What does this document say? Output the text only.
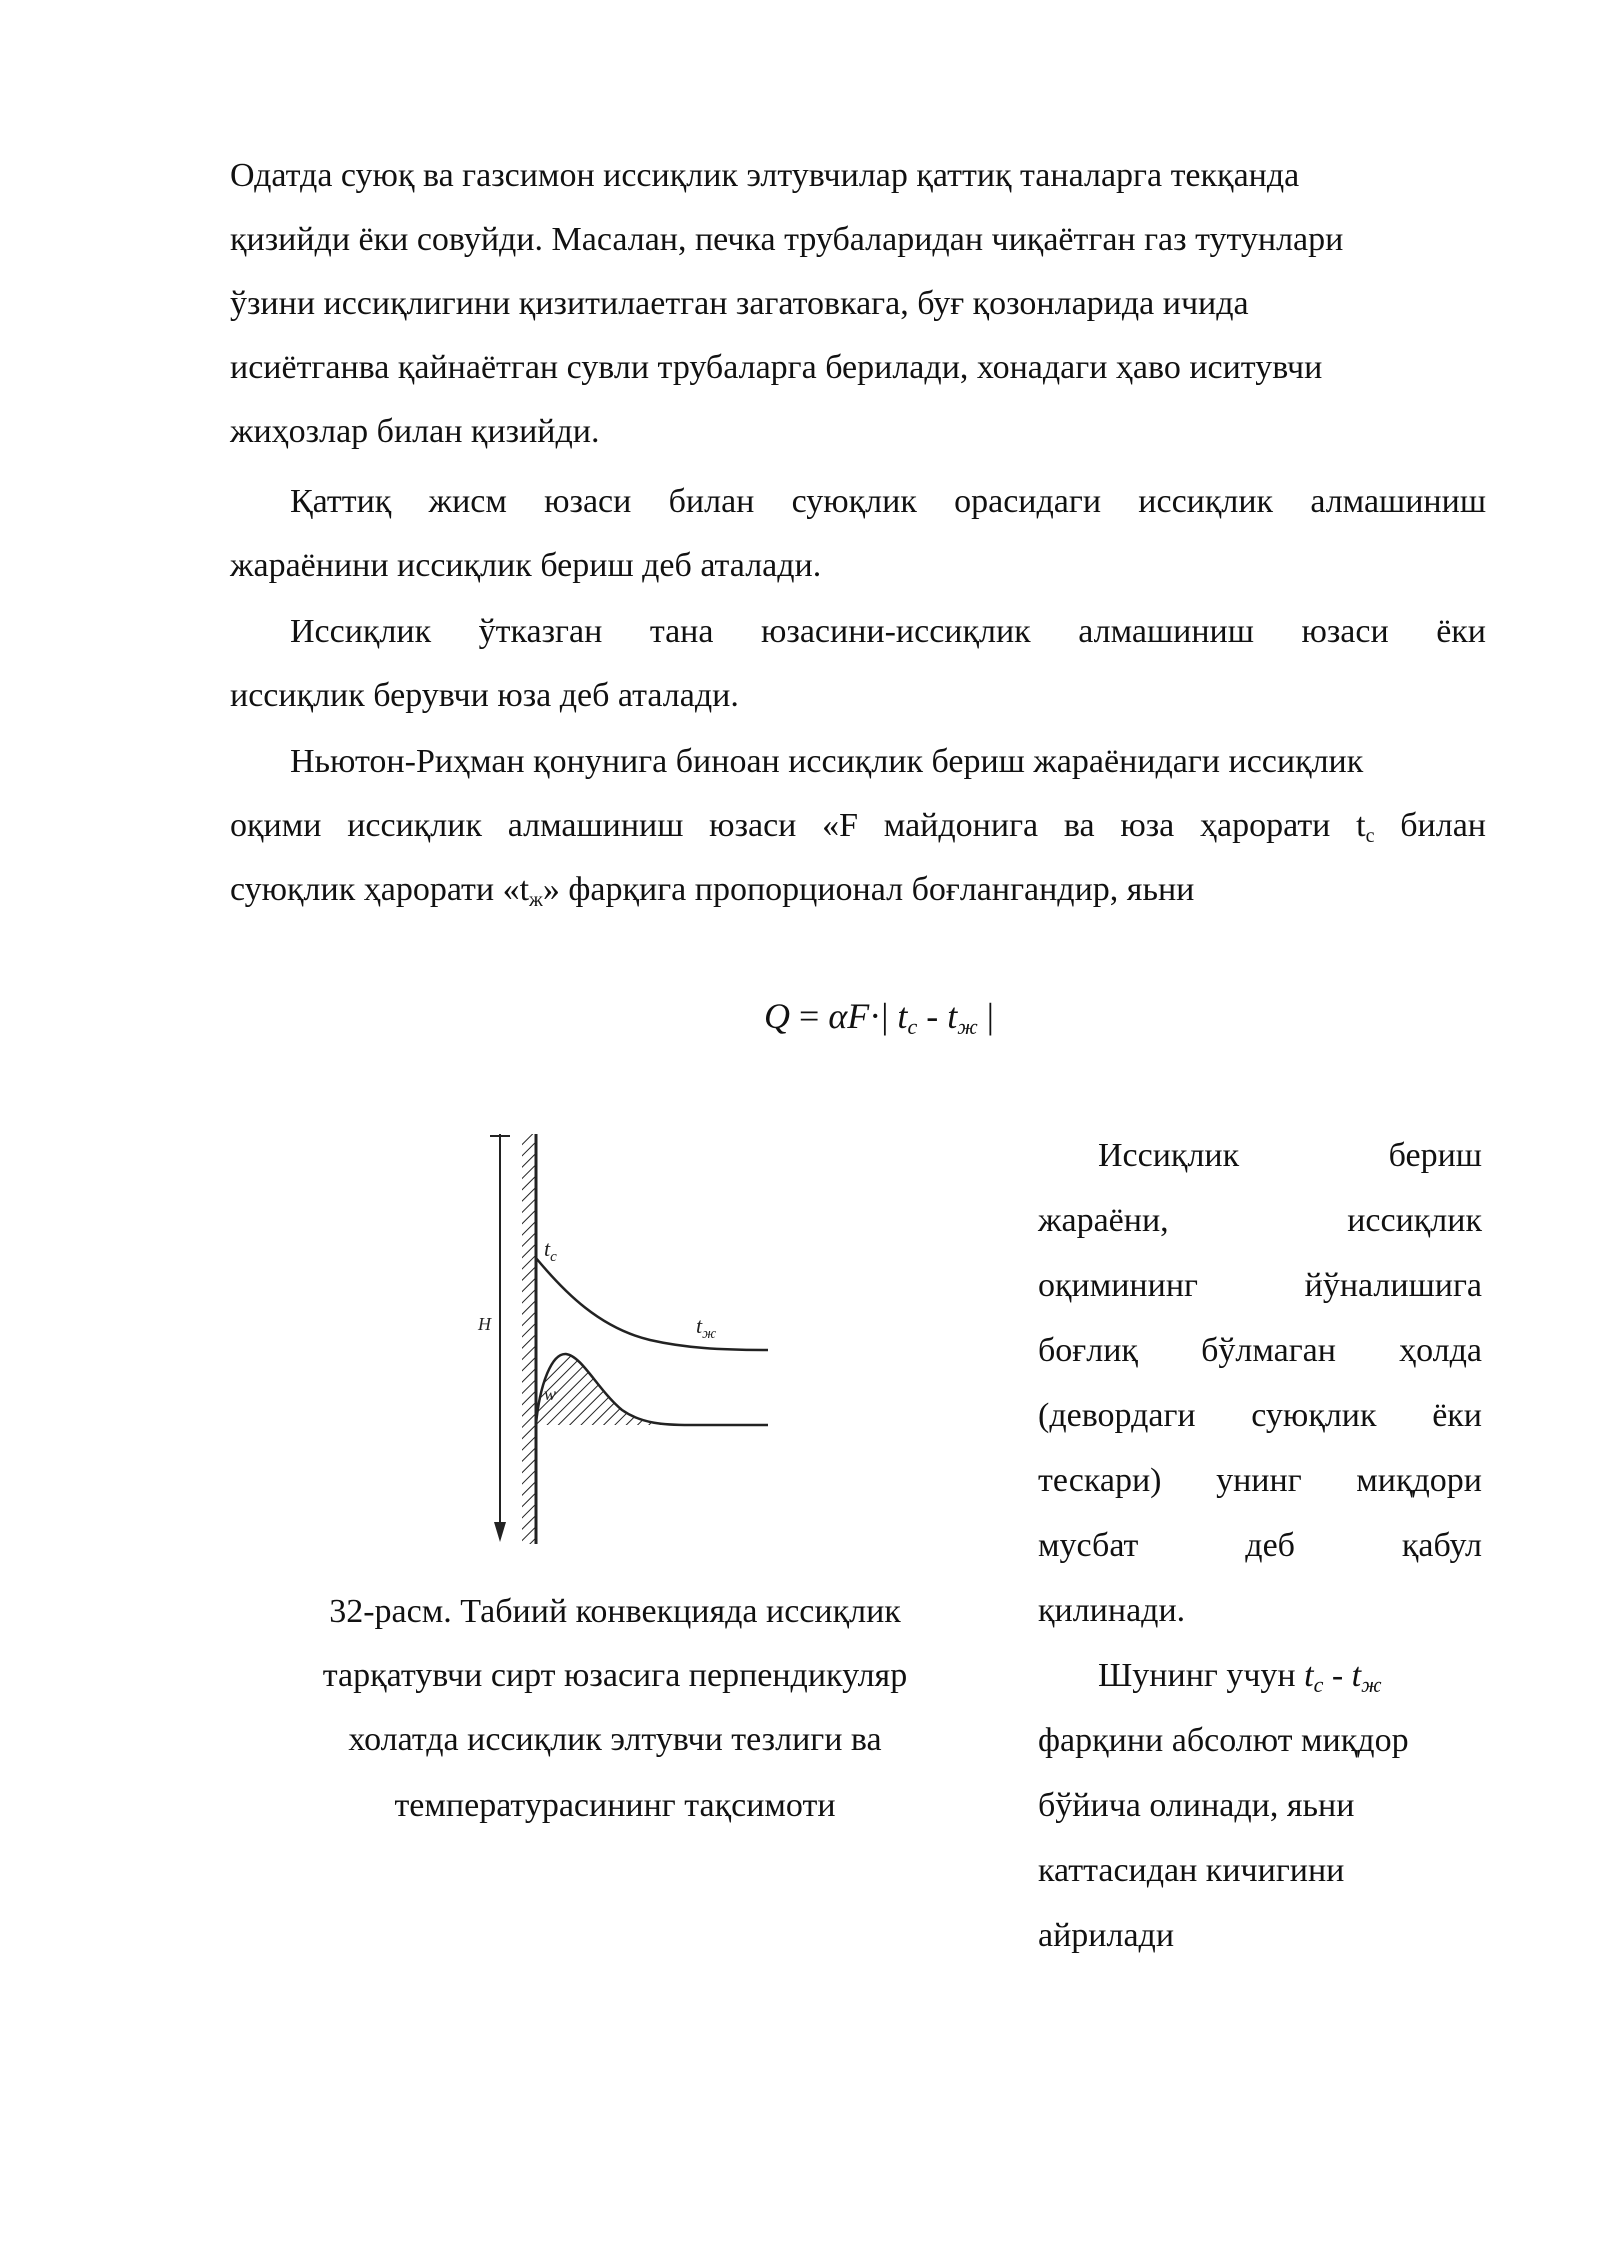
Одатда суюқ ва газсимон иссиқлик элтувчилар қаттиқ таналарга текқанда
қизийди ёки совуйди. Масалан, печка трубаларидан чиқаётган газ тутунлари
ўзини иссиқлигини қизитилаетган загатовкага, буғ қозонларида ичида
исиётганва қайнаётган сувли трубаларга берилади, хонадаги ҳаво иситувчи
жиҳозлар билан қизийди.
Қаттиқ жисм юзаси билан суюқлик орасидаги иссиқлик алмашиниш
жараёнини иссиқлик бериш деб аталади.
Иссиқлик ўтказган тана юзасини-иссиқлик алмашиниш юзаси ёки
иссиқлик берувчи юза деб аталади.
Ньютон-Риҳман қонунига биноан иссиқлик бериш жараёнидаги иссиқлик
оқими иссиқлик алмашиниш юзаси «F майдонига ва юза ҳарорати $t_с$ билан
суюқлик ҳарорати «$t_ж$» фарқига пропорционал боғлангандир, яьни
Q = αF·| tc - tж |
$t_c$
$t_ж$
H
w
32-расм. Табиий конвекцияда иссиқлик
тарқатувчи сирт юзасига перпендикуляр
холатда иссиқлик элтувчи тезлиги ва
температурасининг тақсимоти
Иссиқлик	бериш
жараёни,	иссиқлик
оқимининг	йўналишига
боғлиқ бўлмаган ҳолда
(девордаги суюқлик ёки
тескари) унинг миқдори
мусбат	деб	қабул
қилинади.
Шунинг учун tc - tж
фарқини абсолют миқдор
бўйича олинади, яьни
каттасидан кичигини
айрилади
